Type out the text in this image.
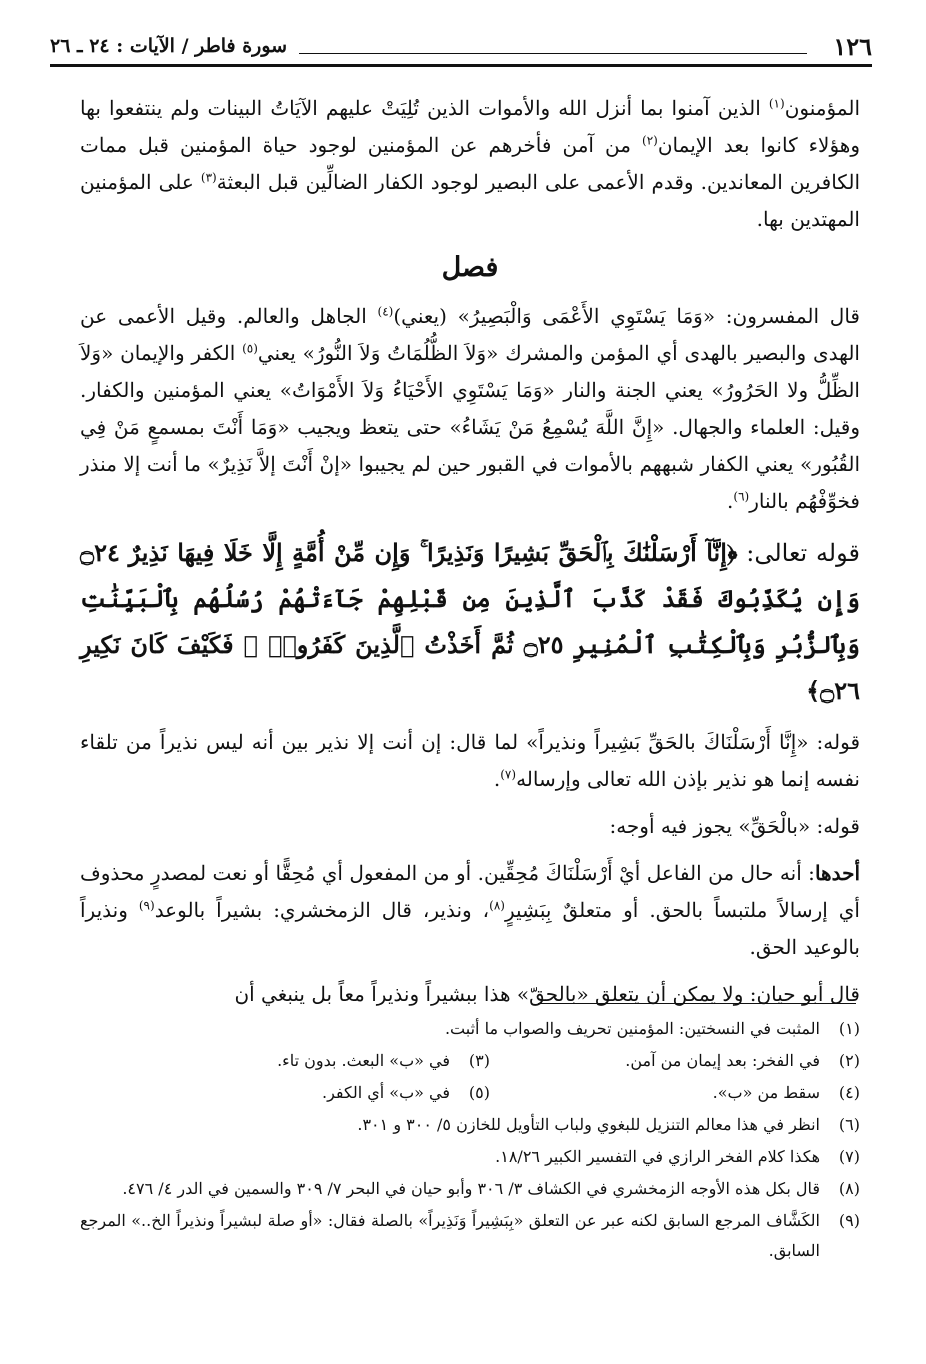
١٢٦
سورة فاطر / الآيات : ٢٤ ـ ٢٦

المؤمنون$^{(١)}$ الذين آمنوا بما أنزل الله والأموات الذين تُلِيَتْ عليهم الآيَاتُ البينات ولم ينتفعوا بها وهؤلاء كانوا بعد الإيمان$^{(٢)}$ من آمن فأخرهم عن المؤمنين لوجود حياة المؤمنين قبل ممات الكافرين المعاندين. وقدم الأعمى على البصير لوجود الكفار الضالِّين قبل البعثة$^{(٣)}$ على المؤمنين المهتدين بها.

فصل

قال المفسرون: «وَمَا يَسْتَوِي الأَعْمَى وَالْبَصِيرُ» (يعني)$^{(٤)}$ الجاهل والعالم. وقيل الأعمى عن الهدى والبصير بالهدى أي المؤمن والمشرك «وَلاَ الظُّلُمَاتُ وَلاَ النُّورُ» يعني$^{(٥)}$ الكفر والإيمان «وَلاَ الظِّلُّ ولا الحَرُورُ» يعني الجنة والنار «وَمَا يَسْتَوِي الأَحْيَاءُ وَلاَ الأَمْوَاتُ» يعني المؤمنين والكفار. وقيل: العلماء والجهال. «إِنَّ اللَّهَ يُسْمِعُ مَنْ يَشَاءُ» حتى يتعظ ويجيب «وَمَا أَنْتَ بمسمعٍ مَنْ فِي القُبُور» يعني الكفار شبههم بالأموات في القبور حين لم يجيبوا «إنْ أَنْتَ إلاَّ نَذِيرٌ» ما أنت إلا منذر فخوِّفْهُم بالنار$^{(٦)}$.

قوله تعالى: ﴿إِنَّآ أَرْسَلْنَٰكَ بِٱلْحَقِّ بَشِيرًا وَنَذِيرًا ۚ وَإِن مِّنْ أُمَّةٍ إِلَّا خَلَا فِيهَا نَذِيرٌ ۝٢٤ وَإِن يُكَذِّبُوكَ فَقَدْ كَذَّبَ ٱلَّذِينَ مِن قَبْلِهِمْ جَآءَتْهُمْ رُسُلُهُم بِٱلْبَيِّنَٰتِ وَبِٱلزُّبُرِ وَبِٱلْكِتَٰبِ ٱلْمُنِيرِ ۝٢٥ ثُمَّ أَخَذْتُ ٱلَّذِينَ كَفَرُوا۟ ۖ فَكَيْفَ كَانَ نَكِيرِ ۝٢٦﴾

قوله: «إِنَّا أَرْسَلْنَاكَ بالحَقِّ بَشِيراً ونذيراً» لما قال: إن أنت إلا نذير بين أنه ليس نذيراً من تلقاء نفسه إنما هو نذير بإذن الله تعالى وإرساله$^{(٧)}$.

قوله: «بالْحَقِّ» يجوز فيه أوجه:

أحدها: أنه حال من الفاعل أيْ أَرْسَلْنَاكَ مُحِقِّين. أو من المفعول أي مُحِقًّا أو نعت لمصدرٍ محذوف أي إرسالاً ملتبساً بالحق. أو متعلقٌ بِبَشِيرٍ$^{(٨)}$، ونذير، قال الزمخشري: بشيراً بالوعد$^{(٩)}$ ونذيراً بالوعيد الحق.

قال أبو حيان: ولا يمكن أن يتعلق «بالحقّ» هذا ببشيراً ونذيراً معاً بل ينبغي أن

(١)
المثبت في النسختين: المؤمنين تحريف والصواب ما أثبت.
(٢)
في الفخر: بعد إيمان من آمن.
(٣)
في «ب» البعث. بدون تاء.
(٤)
سقط من «ب».
(٥)
في «ب» أي الكفر.
(٦)
انظر في هذا معالم التنزيل للبغوي ولباب التأويل للخازن ٥/ ٣٠٠ و ٣٠١.
(٧)
هكذا كلام الفخر الرازي في التفسير الكبير ١٨/٢٦.
(٨)
قال بكل هذه الأوجه الزمخشري في الكشاف ٣/ ٣٠٦ وأبو حيان في البحر ٧/ ٣٠٩ والسمين في الدر ٤/ ٤٧٦.
(٩)
الكَشَّاف المرجع السابق لكنه عبر عن التعلق «بِبَشِيراً وَنَذِيراً» بالصلة فقال: «أو صلة لبشيراً ونذيراً الخ..» المرجع السابق.
